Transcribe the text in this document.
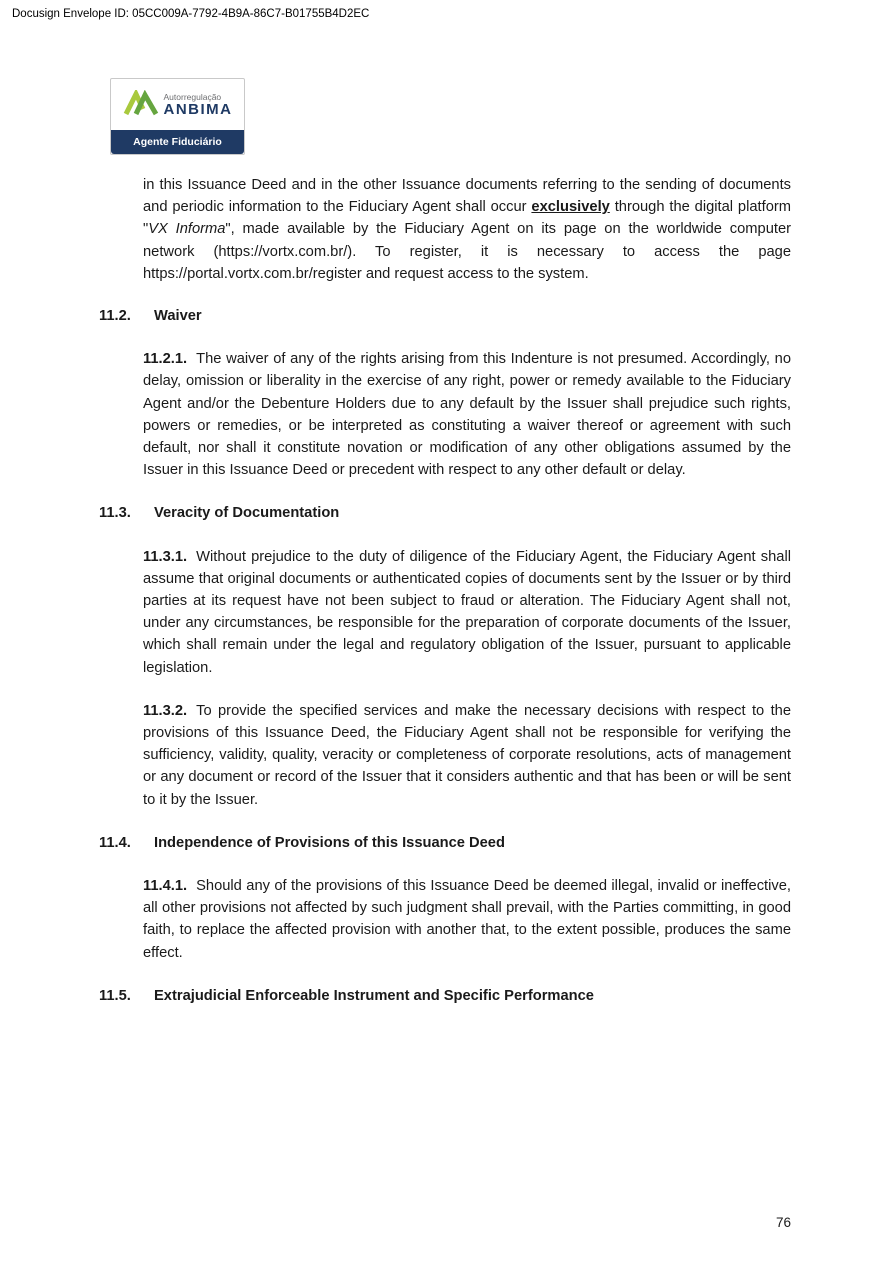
Docusign Envelope ID: 05CC009A-7792-4B9A-86C7-B01755B4D2EC
Autorregulação
ANBIMA
Agente Fiduciário

in this Issuance Deed and in the other Issuance documents referring to the sending of documents and periodic information to the Fiduciary Agent shall occur exclusively through the digital platform "VX Informa", made available by the Fiduciary Agent on its page on the worldwide computer network (https://vortx.com.br/). To register, it is necessary to access the page https://portal.vortx.com.br/register and request access to the system.

11.2. Waiver

11.2.1. The waiver of any of the rights arising from this Indenture is not presumed. Accordingly, no delay, omission or liberality in the exercise of any right, power or remedy available to the Fiduciary Agent and/or the Debenture Holders due to any default by the Issuer shall prejudice such rights, powers or remedies, or be interpreted as constituting a waiver thereof or agreement with such default, nor shall it constitute novation or modification of any other obligations assumed by the Issuer in this Issuance Deed or precedent with respect to any other default or delay.

11.3. Veracity of Documentation

11.3.1. Without prejudice to the duty of diligence of the Fiduciary Agent, the Fiduciary Agent shall assume that original documents or authenticated copies of documents sent by the Issuer or by third parties at its request have not been subject to fraud or alteration. The Fiduciary Agent shall not, under any circumstances, be responsible for the preparation of corporate documents of the Issuer, which shall remain under the legal and regulatory obligation of the Issuer, pursuant to applicable legislation.

11.3.2. To provide the specified services and make the necessary decisions with respect to the provisions of this Issuance Deed, the Fiduciary Agent shall not be responsible for verifying the sufficiency, validity, quality, veracity or completeness of corporate resolutions, acts of management or any document or record of the Issuer that it considers authentic and that has been or will be sent to it by the Issuer.

11.4. Independence of Provisions of this Issuance Deed

11.4.1. Should any of the provisions of this Issuance Deed be deemed illegal, invalid or ineffective, all other provisions not affected by such judgment shall prevail, with the Parties committing, in good faith, to replace the affected provision with another that, to the extent possible, produces the same effect.

11.5. Extrajudicial Enforceable Instrument and Specific Performance
76
